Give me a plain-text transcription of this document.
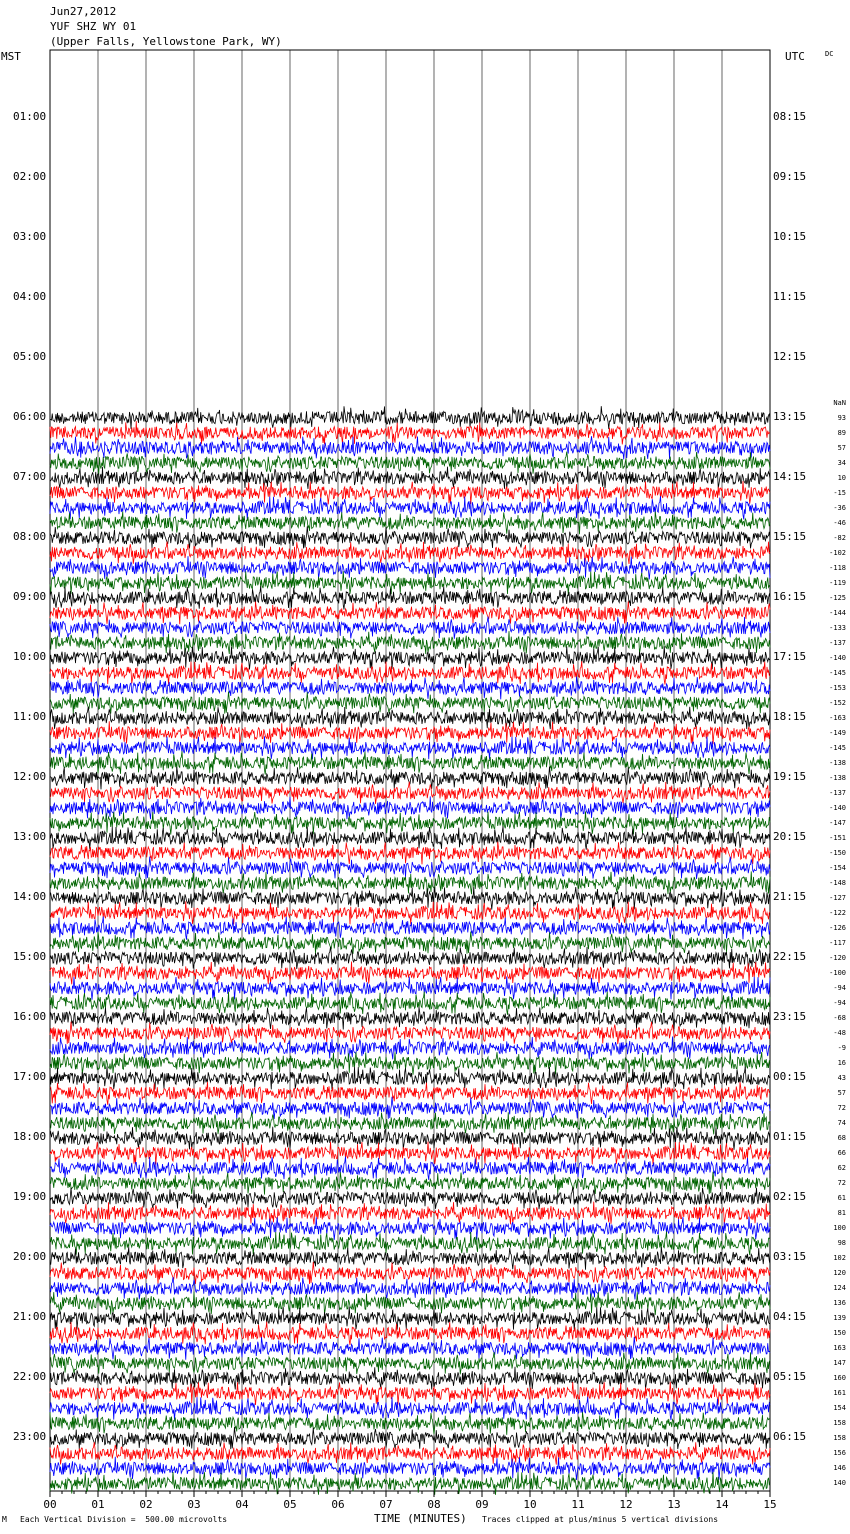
Jun27,2012
YUF SHZ WY 01
(Upper Falls, Yellowstone Park, WY)
MST	UTC	DC
NaN
01:00
02:00
03:00
04:00
05:00
06:00
07:00
08:00
09:00
10:00
11:00
12:00
13:00
14:00
15:00
16:00
17:00
18:00
19:00
20:00
21:00
22:00
23:00
08:15
09:15
10:15
11:15
12:15
13:15
14:15
15:15
16:15
17:15
18:15
19:15
20:15
21:15
22:15
23:15
00:15
01:15
02:15
03:15
04:15
05:15
06:15
93
89
57
34
10
-15
-36
-46
-82
-102
-118
-119
-125
-144
-133
-137
-140
-145
-153
-152
-163
-149
-145
-138
-138
-137
-140
-147
-151
-150
-154
-148
-127
-122
-126
-117
-120
-100
-94
-94
-68
-48
-9
16
43
57
72
74
68
66
62
72
61
81
100
98
102
120
124
136
139
150
163
147
160
161
154
158
158
156
146
140
00	01	02	03	04	05	06	07	08	09	10	11	12	13	14	15
M Each Vertical Division =  500.00 microvolts	TIME (MINUTES) Traces clipped at plus/minus 5 vertical divisions
